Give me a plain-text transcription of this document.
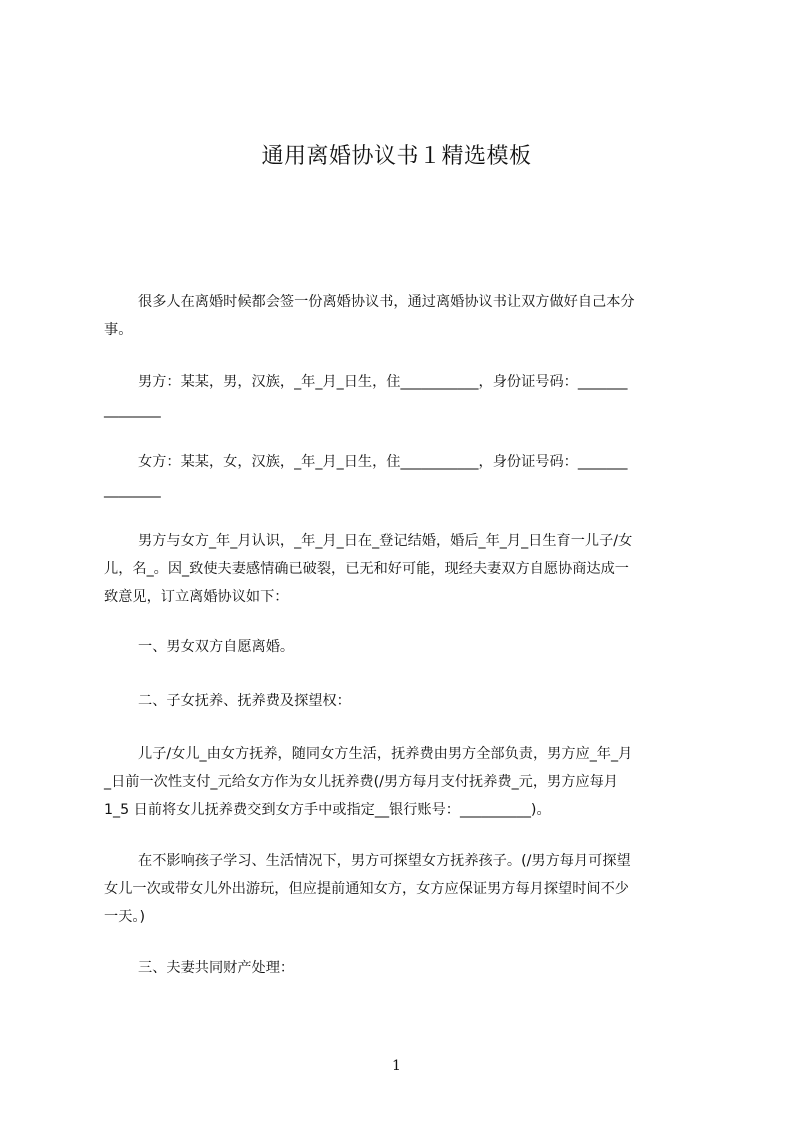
通用离婚协议书１精选模板
很多人在离婚时候都会签一份离婚协议书，通过离婚协议书让双方做好自己本分
事。
男方：某某，男，汉族，_年_月_日生，住___________，身份证号码：_______
________
女方：某某，女，汉族，_年_月_日生，住___________，身份证号码：_______
________
男方与女方_年_月认识，_年_月_日在_登记结婚，婚后_年_月_日生育一儿子/女
儿，名_。因_致使夫妻感情确已破裂，已无和好可能，现经夫妻双方自愿协商达成一
致意见，订立离婚协议如下：
一、男女双方自愿离婚。
二、子女抚养、抚养费及探望权：
儿子/女儿_由女方抚养，随同女方生活，抚养费由男方全部负责，男方应_年_月
_日前一次性支付_元给女方作为女儿抚养费(/男方每月支付抚养费_元，男方应每月
1_5 日前将女儿抚养费交到女方手中或指定__银行账号：__________)。
在不影响孩子学习、生活情况下，男方可探望女方抚养孩子。(/男方每月可探望
女儿一次或带女儿外出游玩，但应提前通知女方，女方应保证男方每月探望时间不少
一天。)
三、夫妻共同财产处理：
1
